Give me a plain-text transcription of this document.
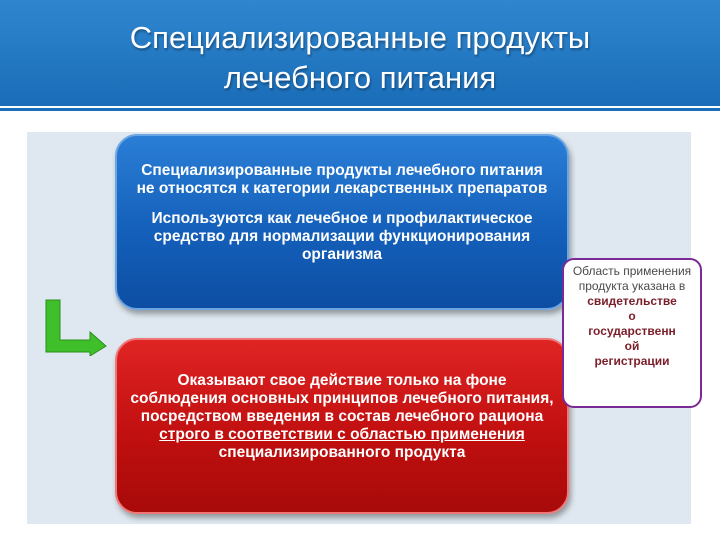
Специализированные продукты
лечебного питания

Специализированные продукты лечебного питания не относятся к категории лекарственных препаратов

Используются как лечебное и профилактическое средство для нормализации функционирования организма

Оказывают свое действие только на фоне соблюдения основных принципов лечебного питания, посредством введения в состав лечебного рациона строго в соответствии с областью применения специализированного продукта

Область применения продукта указана в
свидетельстве
о
государственн
ой
регистрации
